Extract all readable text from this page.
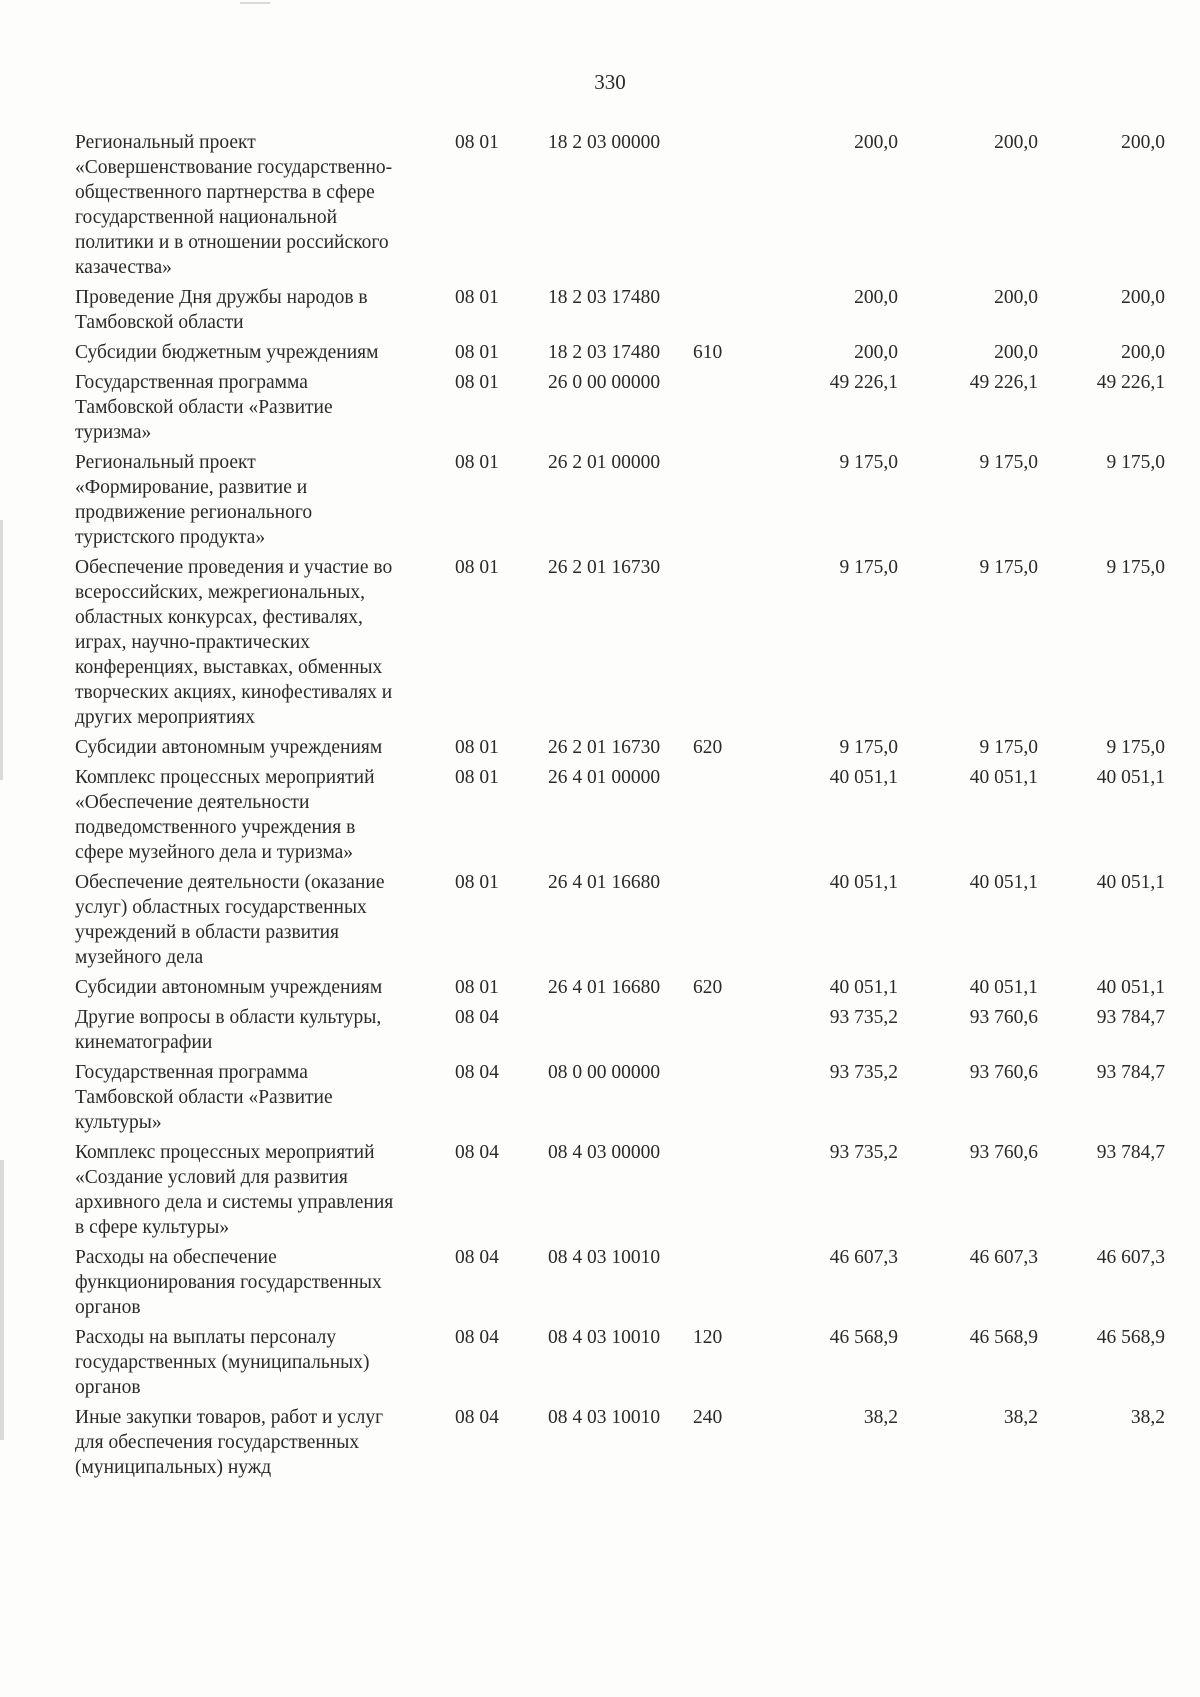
330
Региональный проект
«Совершенствование государственно-
общественного партнерства в сфере
государственной национальной
политики и в отношении российского
казачества»
08 01	18 2 03 00000	200,0	200,0	200,0
Проведение Дня дружбы народов в
Тамбовской области
08 01	18 2 03 17480	200,0	200,0	200,0
Субсидии бюджетным учреждениям	08 01	18 2 03 17480	610	200,0	200,0	200,0
Государственная программа
Тамбовской области «Развитие
туризма»
08 01	26 0 00 00000	49 226,1	49 226,1	49 226,1
Региональный проект
«Формирование, развитие и
продвижение регионального
туристского продукта»
08 01	26 2 01 00000	9 175,0	9 175,0	9 175,0
Обеспечение проведения и участие во
всероссийских, межрегиональных,
областных конкурсах, фестивалях,
играх, научно-практических
конференциях, выставках, обменных
творческих акциях, кинофестивалях и
других мероприятиях
08 01	26 2 01 16730	9 175,0	9 175,0	9 175,0
Субсидии автономным учреждениям	08 01	26 2 01 16730	620	9 175,0	9 175,0	9 175,0
Комплекс процессных мероприятий
«Обеспечение деятельности
подведомственного учреждения в
сфере музейного дела и туризма»
08 01	26 4 01 00000	40 051,1	40 051,1	40 051,1
Обеспечение деятельности (оказание
услуг) областных государственных
учреждений в области развития
музейного дела
08 01	26 4 01 16680	40 051,1	40 051,1	40 051,1
Субсидии автономным учреждениям	08 01	26 4 01 16680	620	40 051,1	40 051,1	40 051,1
Другие вопросы в области культуры,
кинематографии
08 04	93 735,2	93 760,6	93 784,7
Государственная программа
Тамбовской области «Развитие
культуры»
08 04	08 0 00 00000	93 735,2	93 760,6	93 784,7
Комплекс процессных мероприятий
«Создание условий для развития
архивного дела и системы управления
в сфере культуры»
08 04	08 4 03 00000	93 735,2	93 760,6	93 784,7
Расходы на обеспечение
функционирования государственных
органов
08 04	08 4 03 10010	46 607,3	46 607,3	46 607,3
Расходы на выплаты персоналу
государственных (муниципальных)
органов
08 04	08 4 03 10010	120	46 568,9	46 568,9	46 568,9
Иные закупки товаров, работ и услуг
для обеспечения государственных
(муниципальных) нужд
08 04	08 4 03 10010	240	38,2	38,2	38,2
